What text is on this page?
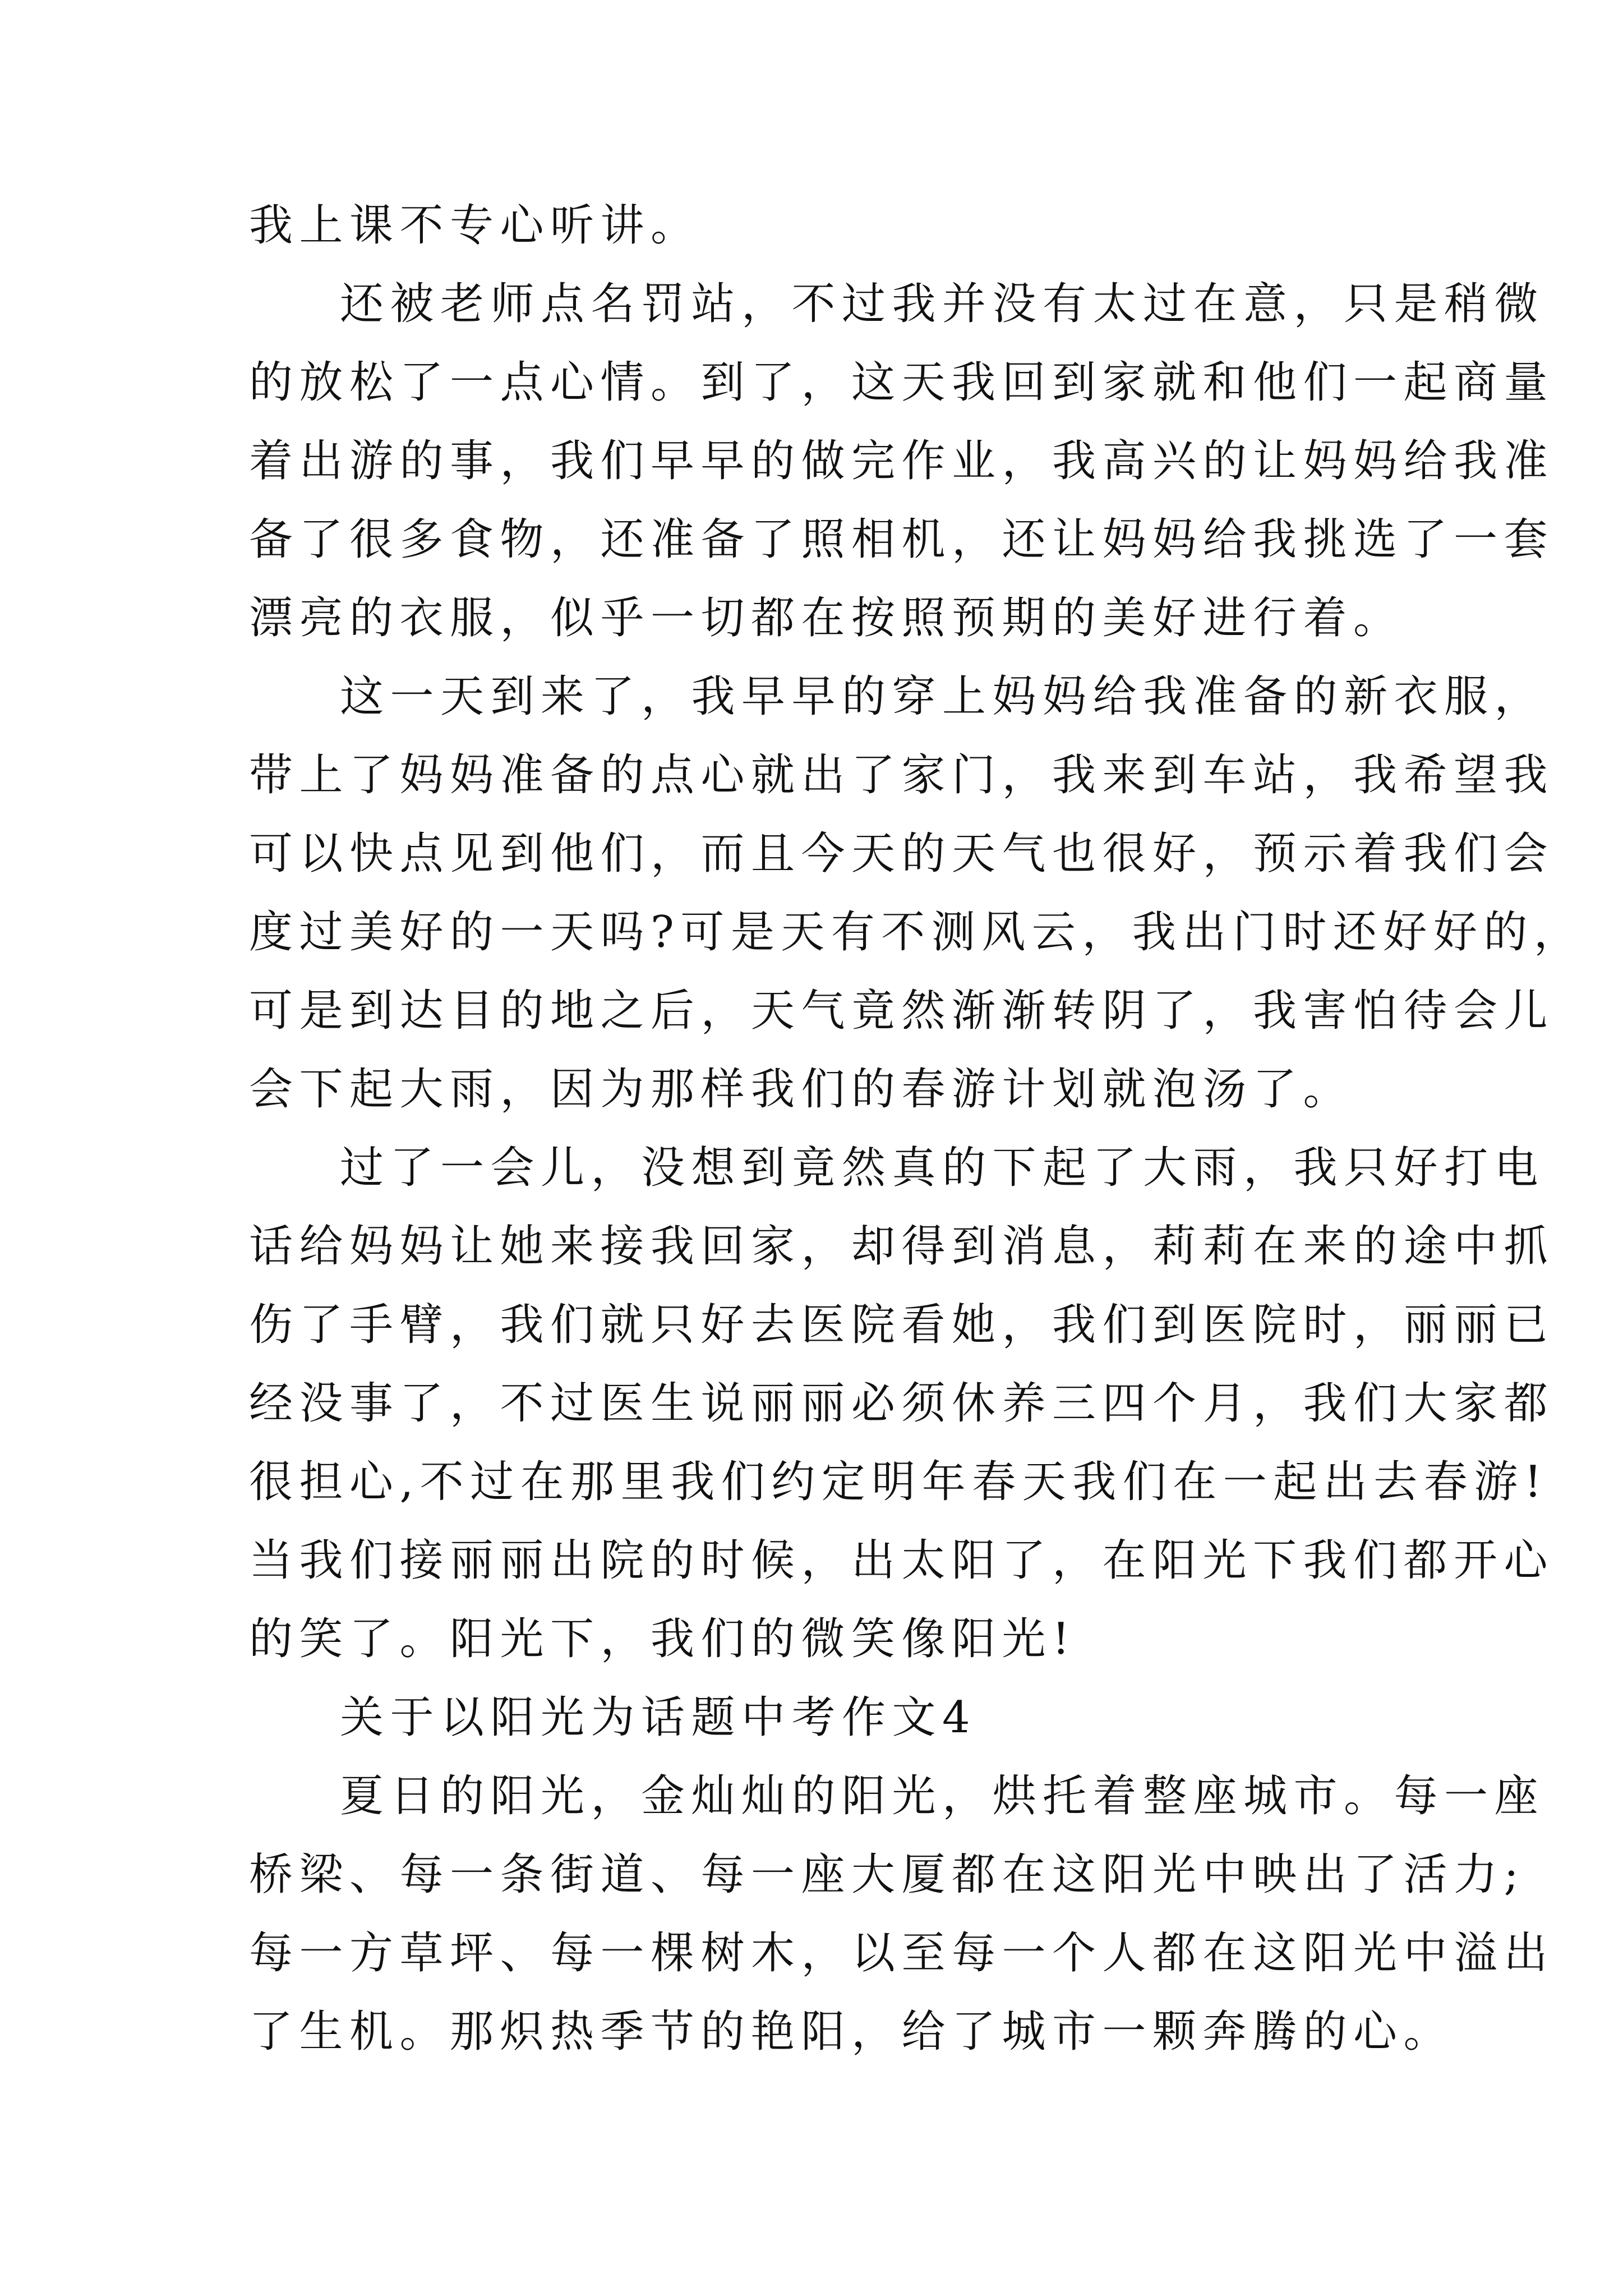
我上课不专心听讲。

还被老师点名罚站，不过我并没有太过在意，只是稍微

的放松了一点心情。到了，这天我回到家就和他们一起商量

着出游的事，我们早早的做完作业，我高兴的让妈妈给我准

备了很多食物，还准备了照相机，还让妈妈给我挑选了一套

漂亮的衣服，似乎一切都在按照预期的美好进行着。

这一天到来了，我早早的穿上妈妈给我准备的新衣服，

带上了妈妈准备的点心就出了家门，我来到车站，我希望我

可以快点见到他们，而且今天的天气也很好，预示着我们会

度过美好的一天吗?可是天有不测风云，我出门时还好好的，

可是到达目的地之后，天气竟然渐渐转阴了，我害怕待会儿

会下起大雨，因为那样我们的春游计划就泡汤了。

过了一会儿，没想到竟然真的下起了大雨，我只好打电

话给妈妈让她来接我回家，却得到消息，莉莉在来的途中抓

伤了手臂，我们就只好去医院看她，我们到医院时，丽丽已

经没事了，不过医生说丽丽必须休养三四个月，我们大家都

很担心,不过在那里我们约定明年春天我们在一起出去春游!

当我们接丽丽出院的时候，出太阳了，在阳光下我们都开心

的笑了。阳光下，我们的微笑像阳光!

关于以阳光为话题中考作文4

夏日的阳光，金灿灿的阳光，烘托着整座城市。每一座

桥梁、每一条街道、每一座大厦都在这阳光中映出了活力;

每一方草坪、每一棵树木，以至每一个人都在这阳光中溢出

了生机。那炽热季节的艳阳，给了城市一颗奔腾的心。
